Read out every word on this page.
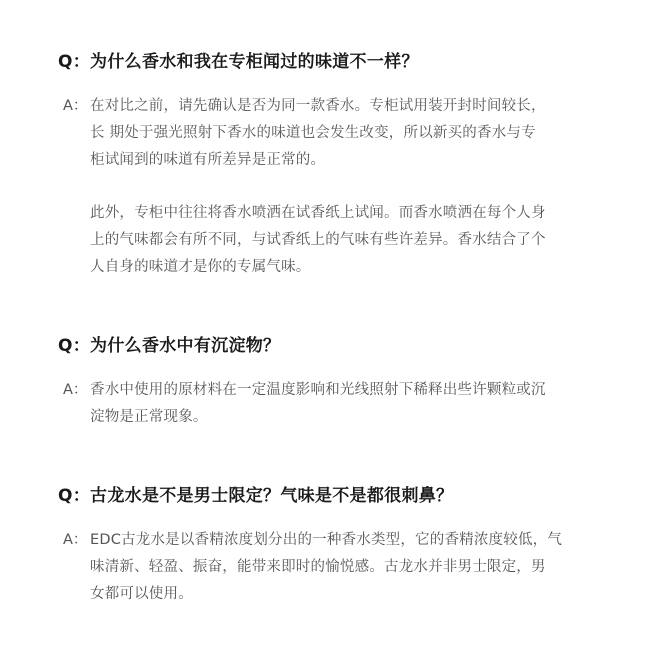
Q：为什么香水和我在专柜闻过的味道不一样？
A： 在对比之前，请先确认是否为同一款香水。专柜试用装开封时间较长，
长 期处于强光照射下香水的味道也会发生改变，所以新买的香水与专
柜试闻到的味道有所差异是正常的。
此外，专柜中往往将香水喷洒在试香纸上试闻。而香水喷洒在每个人身
上的气味都会有所不同，与试香纸上的气味有些许差异。香水结合了个
人自身的味道才是你的专属气味。
Q：为什么香水中有沉淀物？
A： 香水中使用的原材料在一定温度影响和光线照射下稀释出些许颗粒或沉
淀物是正常现象。
Q：古龙水是不是男士限定？气味是不是都很刺鼻？
A： EDC古龙水是以香精浓度划分出的一种香水类型，它的香精浓度较低，气
味清新、轻盈、振奋，能带来即时的愉悦感。古龙水并非男士限定，男
女都可以使用。
